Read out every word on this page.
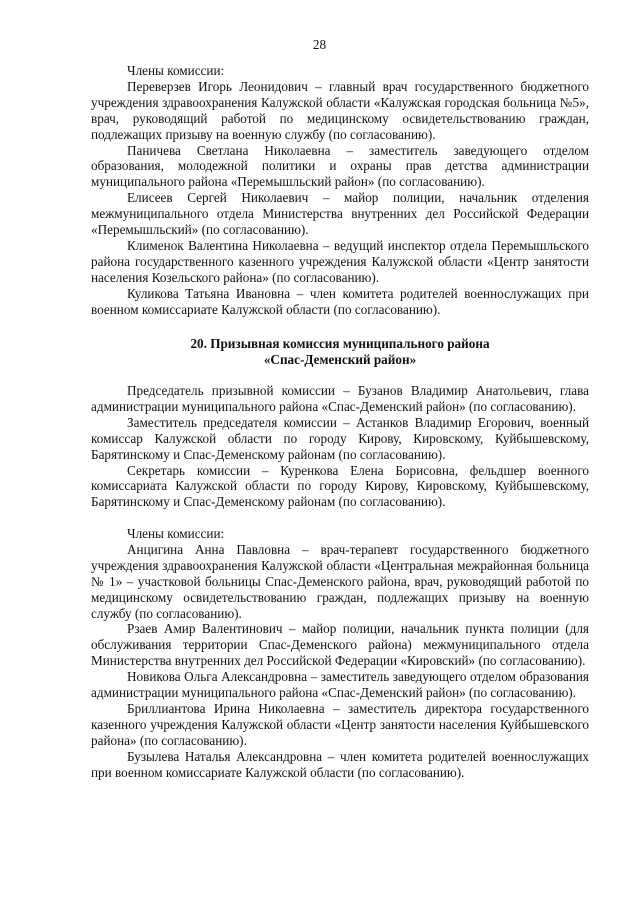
28

Члены комиссии:

Переверзев Игорь Леонидович – главный врач государственного бюджетного учреждения здравоохранения Калужской области «Калужская городская больница №5», врач, руководящий работой по медицинскому освидетельствованию граждан, подлежащих призыву на военную службу (по согласованию).

Паничева Светлана Николаевна – заместитель заведующего отделом образования, молодежной политики и охраны прав детства администрации муниципального района «Перемышльский район» (по согласованию).

Елисеев Сергей Николаевич – майор полиции, начальник отделения межмуниципального отдела Министерства внутренних дел Российской Федерации «Перемышльский» (по согласованию).

Клименок Валентина Николаевна – ведущий инспектор отдела Перемышльского района государственного казенного учреждения Калужской области «Центр занятости населения Козельского района» (по согласованию).

Куликова Татьяна Ивановна – член комитета родителей военнослужащих при военном комиссариате Калужской области (по согласованию).

20. Призывная комиссия муниципального района

«Спас-Деменский район»

Председатель призывной комиссии – Бузанов Владимир Анатольевич, глава администрации муниципального района «Спас-Деменский район» (по согласованию).

Заместитель председателя комиссии – Астанков Владимир Егорович, военный комиссар Калужской области по городу Кирову, Кировскому, Куйбышевскому, Барятинскому и Спас-Деменскому районам (по согласованию).

Секретарь комиссии – Куренкова Елена Борисовна, фельдшер военного комиссариата Калужской области по городу Кирову, Кировскому, Куйбышевскому, Барятинскому и Спас-Деменскому районам (по согласованию).

Члены комиссии:

Анцигина Анна Павловна – врач-терапевт государственного бюджетного учреждения здравоохранения Калужской области «Центральная межрайонная больница № 1» – участковой больницы Спас-Деменского района, врач, руководящий работой по медицинскому освидетельствованию граждан, подлежащих призыву на военную службу (по согласованию).

Рзаев Амир Валентинович – майор полиции, начальник пункта полиции (для обслуживания территории Спас-Деменского района) межмуниципального отдела Министерства внутренних дел Российской Федерации «Кировский» (по согласованию).

Новикова Ольга Александровна – заместитель заведующего отделом образования администрации муниципального района «Спас-Деменский район» (по согласованию).

Бриллиантова Ирина Николаевна – заместитель директора государственного казенного учреждения Калужской области «Центр занятости населения Куйбышевского района» (по согласованию).

Бузылева Наталья Александровна – член комитета родителей военнослужащих при военном комиссариате Калужской области (по согласованию).
